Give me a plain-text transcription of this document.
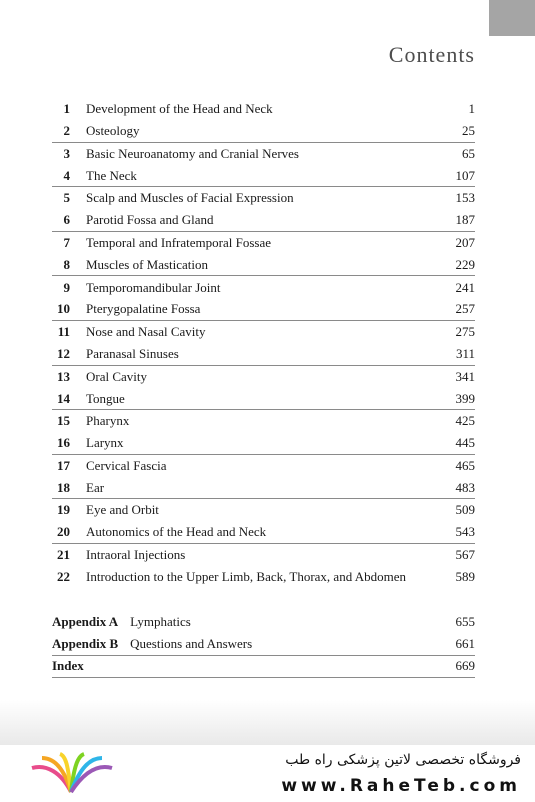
Contents
1	Development of the Head and Neck	1
2	Osteology	25
3	Basic Neuroanatomy and Cranial Nerves	65
4	The Neck	107
5	Scalp and Muscles of Facial Expression	153
6	Parotid Fossa and Gland	187
7	Temporal and Infratemporal Fossae	207
8	Muscles of Mastication	229
9	Temporomandibular Joint	241
10	Pterygopalatine Fossa	257
11	Nose and Nasal Cavity	275
12	Paranasal Sinuses	311
13	Oral Cavity	341
14	Tongue	399
15	Pharynx	425
16	Larynx	445
17	Cervical Fascia	465
18	Ear	483
19	Eye and Orbit	509
20	Autonomics of the Head and Neck	543
21	Intraoral Injections	567
22	Introduction to the Upper Limb, Back, Thorax, and Abdomen	589
Appendix A Lymphatics	655
Appendix B Questions and Answers	661
Index	669
فروشگاه تخصصی لاتین پزشکی راه طب
www.RaheTeb.com
